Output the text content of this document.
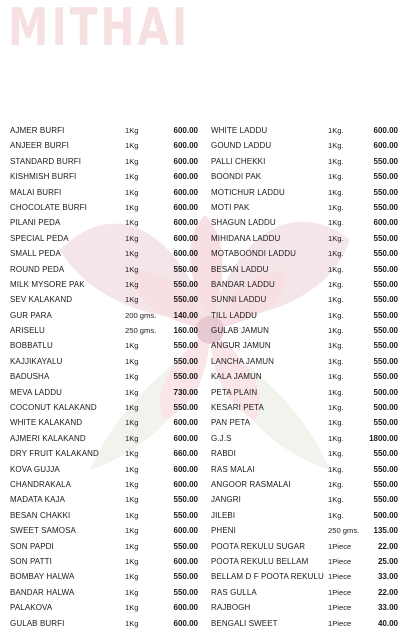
MITHAI
AJMER BURFI	1Kg	600.00
ANJEER BURFI	1Kg	600.00
STANDARD BURFI	1Kg	600.00
KISHMISH BURFI	1Kg	600.00
MALAI BURFI	1Kg	600.00
CHOCOLATE BURFI	1Kg	600.00
PILANI PEDA	1Kg	600.00
SPECIAL PEDA	1Kg	600.00
SMALL PEDA	1Kg	600.00
ROUND PEDA	1Kg	550.00
MILK MYSORE PAK	1Kg	550.00
SEV KALAKAND	1Kg	550.00
GUR PARA	200 gms. 140.00
ARISELU	250 gms. 160.00
BOBBATLU	1Kg	550.00
KAJJIKAYALU	1Kg	550.00
BADUSHA	1Kg	550.00
MEVA LADDU	1Kg	730.00
COCONUT KALAKAND	1Kg	550.00
WHITE KALAKAND	1Kg	600.00
AJMERI KALAKAND	1Kg	600.00
DRY FRUIT KALAKAND	1Kg	660.00
KOVA GUJJA	1Kg	600.00
CHANDRAKALA	1Kg	600.00
MADATA KAJA	1Kg	550.00
BESAN CHAKKI	1Kg	550.00
SWEET SAMOSA	1Kg	600.00
SON PAPDI	1Kg	550.00
SON PATTI	1Kg	600.00
BOMBAY HALWA	1Kg	550.00
BANDAR HALWA	1Kg	550.00
PALAKOVA	1Kg	600.00
GULAB BURFI	1Kg	600.00
WHITE LADDU	1Kg.	600.00
GOUND LADDU	1Kg.	600.00
PALLI CHEKKI	1Kg.	550.00
BOONDI PAK	1Kg.	550.00
MOTICHUR LADDU	1Kg.	550.00
MOTI PAK	1Kg.	550.00
SHAGUN LADDU	1Kg.	600.00
MIHIDANA LADDU	1Kg.	550.00
MOTABOONDI LADDU	1Kg.	550.00
BESAN LADDU	1Kg.	550.00
BANDAR LADDU	1Kg.	550.00
SUNNI LADDU	1Kg.	550.00
TILL LADDU	1Kg.	550.00
GULAB JAMUN	1Kg.	550.00
ANGUR JAMUN	1Kg.	550.00
LANCHA JAMUN	1Kg.	550.00
KALA JAMUN	1Kg.	550.00
PETA PLAIN	1Kg.	500.00
KESARI PETA	1Kg.	500.00
PAN PETA	1Kg.	550.00
G.J.S	1Kg.	1800.00
RABDI	1Kg.	550.00
RAS MALAI	1Kg.	550.00
ANGOOR RASMALAI	1Kg.	550.00
JANGRI	1Kg.	550.00
JILEBI	1Kg.	500.00
PHENI	250 gms. 135.00
POOTA REKULU SUGAR	1Piece	22.00
POOTA REKULU BELLAM	1Piece	25.00
BELLAM D F POOTA REKULU 1Piece	33.00
RAS GULLA	1Piece	22.00
RAJBOGH	1Piece	33.00
BENGALI SWEET	1Piece	40.00
